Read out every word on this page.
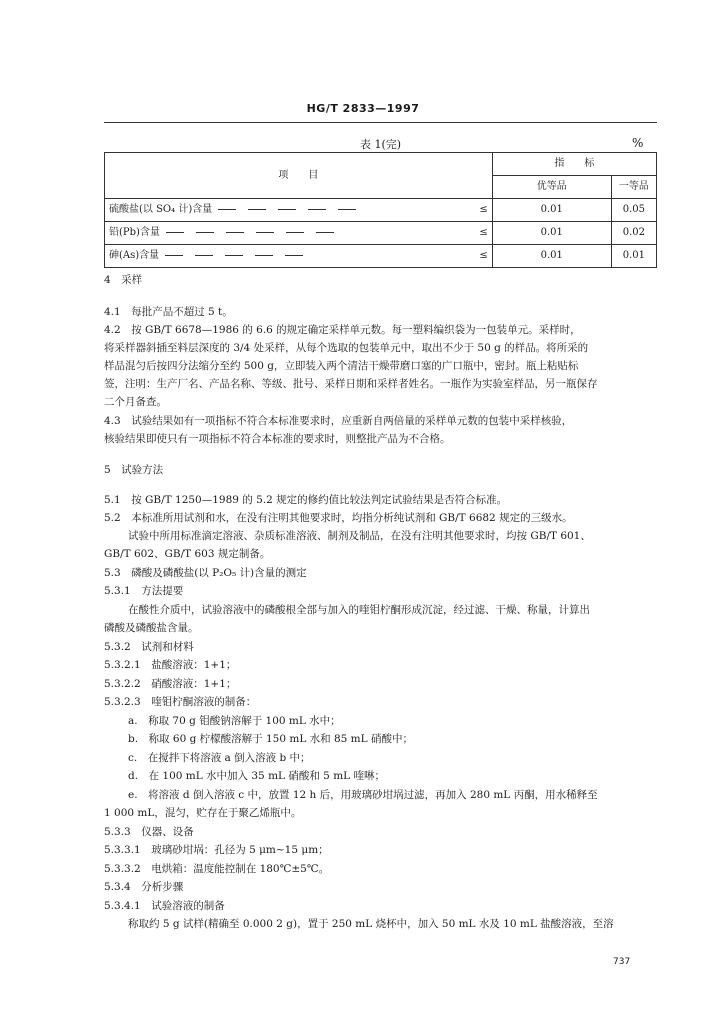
HG/T 2833—1997
表 1(完)	%
项　　目		指　　标	
		优等品	一等品
硫酸盐(以 SO₄ 计)含量	≤	0.01	0.05
铅(Pb)含量	≤	0.01	0.02
砷(As)含量	≤	0.01	0.01
4　采样
4.1　每批产品不超过 5 t。
4.2　按 GB/T 6678—1986 的 6.6 的规定确定采样单元数。每一塑料编织袋为一包装单元。采样时，
将采样器斜插至料层深度的 3/4 处采样，从每个选取的包装单元中，取出不少于 50 g 的样品。将所采的
样品混匀后按四分法缩分至约 500 g，立即装入两个清洁干燥带磨口塞的广口瓶中，密封。瓶上粘贴标
签，注明：生产厂名、产品名称、等级、批号、采样日期和采样者姓名。一瓶作为实验室样品，另一瓶保存
二个月备查。
4.3　试验结果如有一项指标不符合本标准要求时，应重新自两倍量的采样单元数的包装中采样核验，
核验结果即使只有一项指标不符合本标准的要求时，则整批产品为不合格。
5　试验方法
5.1　按 GB/T 1250—1989 的 5.2 规定的修约值比较法判定试验结果是否符合标准。
5.2　本标准所用试剂和水，在没有注明其他要求时，均指分析纯试剂和 GB/T 6682 规定的三级水。
试验中所用标准滴定溶液、杂质标准溶液、制剂及制品，在没有注明其他要求时，均按 GB/T 601、
GB/T 602、GB/T 603 规定制备。
5.3　磷酸及磷酸盐(以 P₂O₅ 计)含量的测定
5.3.1　方法提要
在酸性介质中，试验溶液中的磷酸根全部与加入的喹钼柠酮形成沉淀，经过滤、干燥、称量，计算出
磷酸及磷酸盐含量。
5.3.2　试剂和材料
5.3.2.1　盐酸溶液：1+1；
5.3.2.2　硝酸溶液：1+1；
5.3.2.3　喹钼柠酮溶液的制备：
a.　称取 70 g 钼酸钠溶解于 100 mL 水中；
b.　称取 60 g 柠檬酸溶解于 150 mL 水和 85 mL 硝酸中；
c.　在搅拌下将溶液 a 倒入溶液 b 中；
d.　在 100 mL 水中加入 35 mL 硝酸和 5 mL 喹啉；
e.　将溶液 d 倒入溶液 c 中，放置 12 h 后，用玻璃砂坩埚过滤，再加入 280 mL 丙酮，用水稀释至
1 000 mL，混匀，贮存在于聚乙烯瓶中。
5.3.3　仪器、设备
5.3.3.1　玻璃砂坩埚：孔径为 5 μm~15 μm；
5.3.3.2　电烘箱：温度能控制在 180℃±5℃。
5.3.4　分析步骤
5.3.4.1　试验溶液的制备
称取约 5 g 试样(精确至 0.000 2 g)，置于 250 mL 烧杯中，加入 50 mL 水及 10 mL 盐酸溶液，至溶
737
